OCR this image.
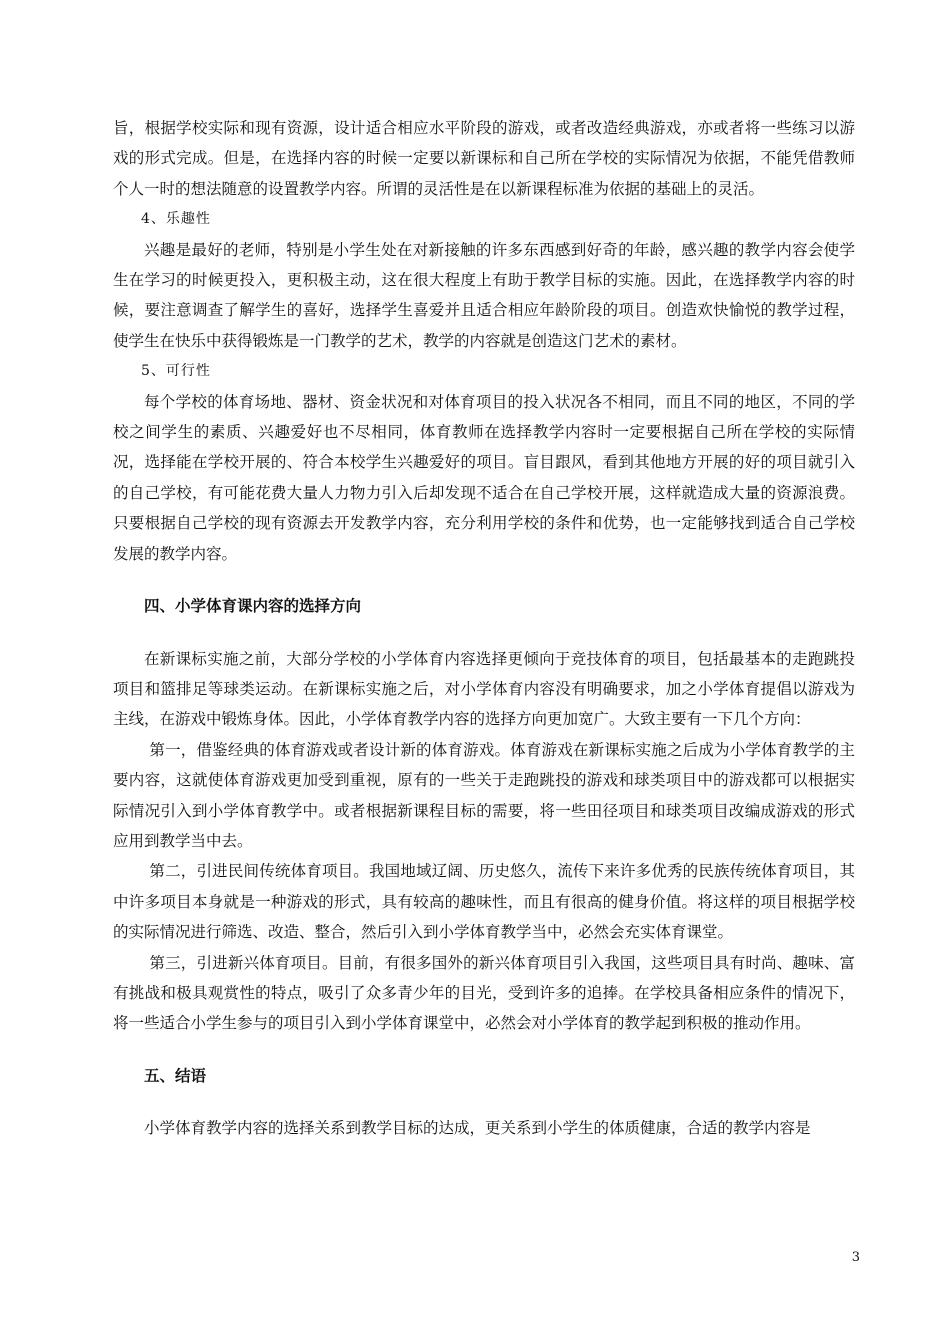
旨，根据学校实际和现有资源，设计适合相应水平阶段的游戏，或者改造经典游戏，亦或者将一些练习以游戏的形式完成。但是，在选择内容的时候一定要以新课标和自己所在学校的实际情况为依据，不能凭借教师个人一时的想法随意的设置教学内容。所谓的灵活性是在以新课程标准为依据的基础上的灵活。

4、乐趣性

兴趣是最好的老师，特别是小学生处在对新接触的许多东西感到好奇的年龄，感兴趣的教学内容会使学生在学习的时候更投入，更积极主动，这在很大程度上有助于教学目标的实施。因此，在选择教学内容的时候，要注意调查了解学生的喜好，选择学生喜爱并且适合相应年龄阶段的项目。创造欢快愉悦的教学过程，使学生在快乐中获得锻炼是一门教学的艺术，教学的内容就是创造这门艺术的素材。

5、可行性

每个学校的体育场地、器材、资金状况和对体育项目的投入状况各不相同，而且不同的地区，不同的学校之间学生的素质、兴趣爱好也不尽相同，体育教师在选择教学内容时一定要根据自己所在学校的实际情况，选择能在学校开展的、符合本校学生兴趣爱好的项目。盲目跟风，看到其他地方开展的好的项目就引入的自己学校，有可能花费大量人力物力引入后却发现不适合在自己学校开展，这样就造成大量的资源浪费。只要根据自己学校的现有资源去开发教学内容，充分利用学校的条件和优势，也一定能够找到适合自己学校发展的教学内容。

四、小学体育课内容的选择方向

在新课标实施之前，大部分学校的小学体育内容选择更倾向于竞技体育的项目，包括最基本的走跑跳投项目和篮排足等球类运动。在新课标实施之后，对小学体育内容没有明确要求，加之小学体育提倡以游戏为主线，在游戏中锻炼身体。因此，小学体育教学内容的选择方向更加宽广。大致主要有一下几个方向：

第一，借鉴经典的体育游戏或者设计新的体育游戏。体育游戏在新课标实施之后成为小学体育教学的主要内容，这就使体育游戏更加受到重视，原有的一些关于走跑跳投的游戏和球类项目中的游戏都可以根据实际情况引入到小学体育教学中。或者根据新课程目标的需要，将一些田径项目和球类项目改编成游戏的形式应用到教学当中去。

第二，引进民间传统体育项目。我国地域辽阔、历史悠久，流传下来许多优秀的民族传统体育项目，其中许多项目本身就是一种游戏的形式，具有较高的趣味性，而且有很高的健身价值。将这样的项目根据学校的实际情况进行筛选、改造、整合，然后引入到小学体育教学当中，必然会充实体育课堂。

第三，引进新兴体育项目。目前，有很多国外的新兴体育项目引入我国，这些项目具有时尚、趣味、富有挑战和极具观赏性的特点，吸引了众多青少年的目光，受到许多的追捧。在学校具备相应条件的情况下，将一些适合小学生参与的项目引入到小学体育课堂中，必然会对小学体育的教学起到积极的推动作用。

五、结语

小学体育教学内容的选择关系到教学目标的达成，更关系到小学生的体质健康，合适的教学内容是

3
